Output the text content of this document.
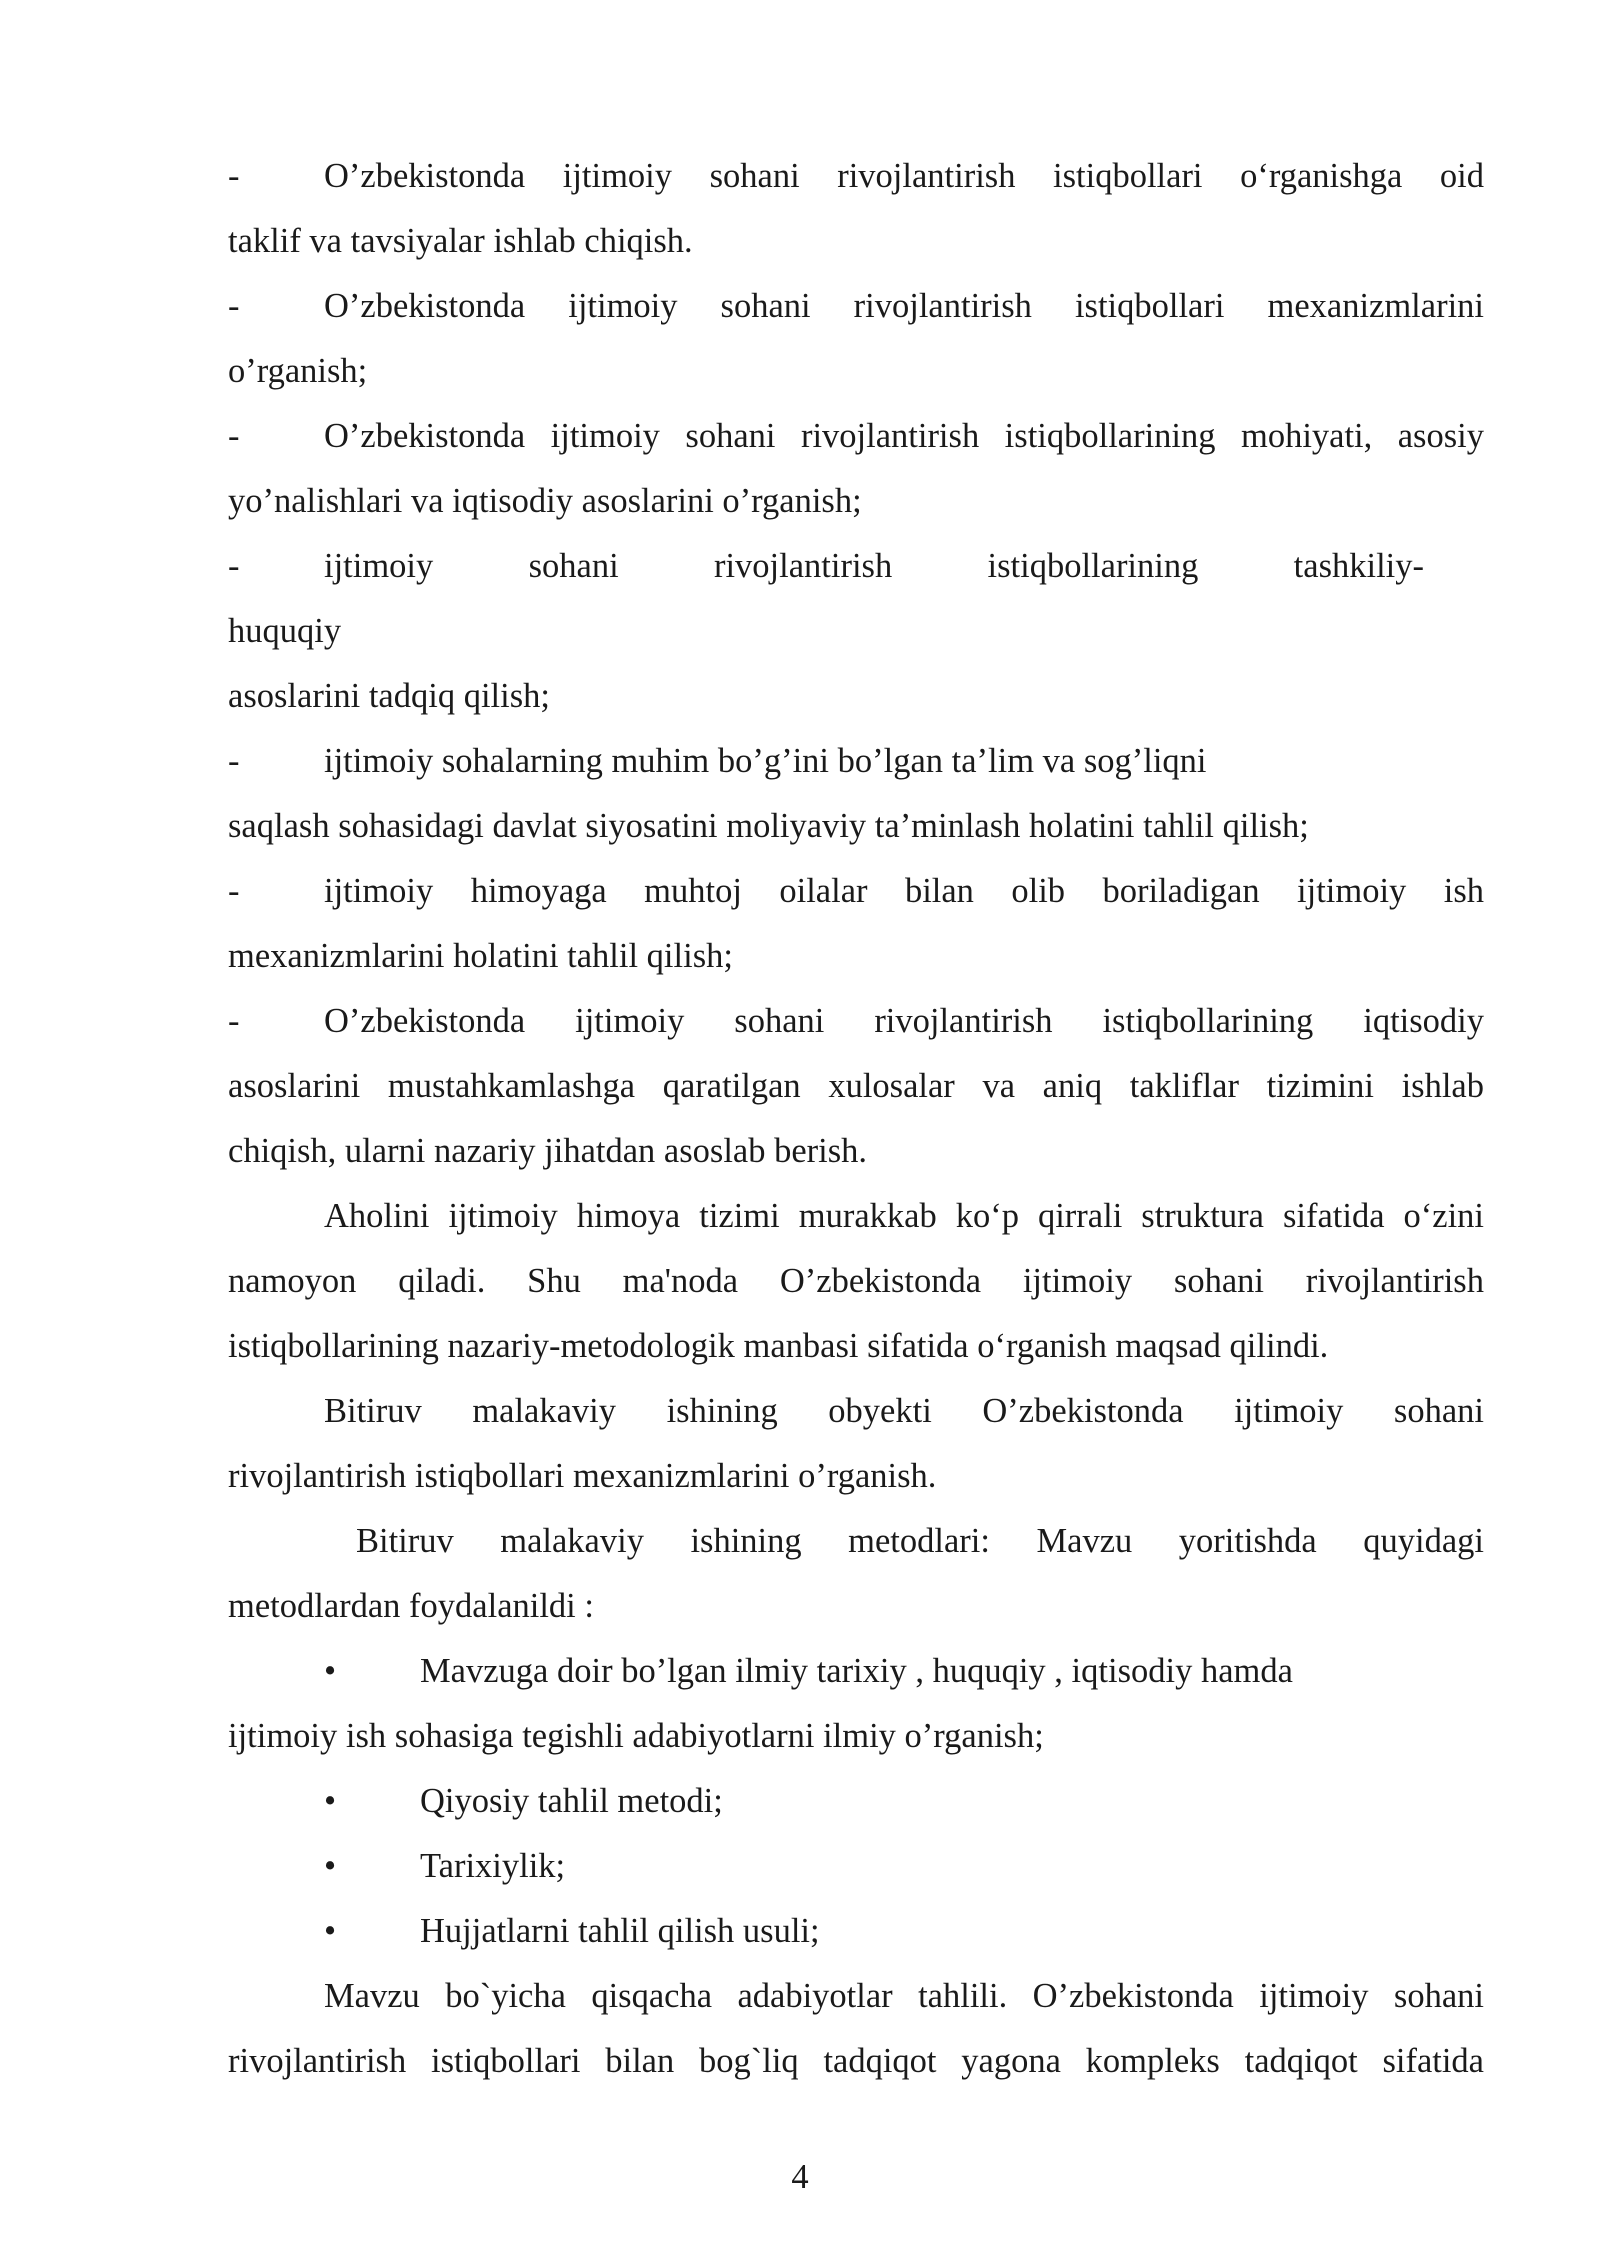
-	O’zbekistonda ijtimoiy sohani rivojlantirish istiqbollari o‘rganishga oid
taklif va tavsiyalar ishlab chiqish.
-	O’zbekistonda ijtimoiy sohani rivojlantirish istiqbollari mexanizmlarini
o’rganish;
-	O’zbekistonda ijtimoiy sohani rivojlantirish istiqbollarining mohiyati, asosiy
yo’nalishlari va iqtisodiy asoslarini o’rganish;
-	ijtimoiy sohani rivojlantirish istiqbollarining tashkiliy-
huquqiy
asoslarini tadqiq qilish;
-	ijtimoiy sohalarning muhim bo’g’ini bo’lgan ta’lim va sog’liqni
saqlash sohasidagi davlat siyosatini moliyaviy ta’minlash holatini tahlil qilish;
-	ijtimoiy himoyaga muhtoj oilalar bilan olib boriladigan ijtimoiy ish
mexanizmlarini holatini tahlil qilish;
-	O’zbekistonda ijtimoiy sohani rivojlantirish istiqbollarining iqtisodiy
asoslarini mustahkamlashga qaratilgan xulosalar va aniq takliflar tizimini ishlab
chiqish, ularni nazariy jihatdan asoslab berish.
Aholini ijtimoiy himoya tizimi murakkab ko‘p qirrali struktura sifatida o‘zini
namoyon qiladi. Shu ma'noda O’zbekistonda ijtimoiy sohani rivojlantirish
istiqbollarining nazariy-metodologik manbasi sifatida o‘rganish maqsad qilindi.
Bitiruv malakaviy ishining obyekti O’zbekistonda ijtimoiy sohani
rivojlantirish istiqbollari mexanizmlarini o’rganish.
Bitiruv malakaviy ishining metodlari: Mavzu yoritishda quyidagi
metodlardan foydalanildi :
• Mavzuga doir bo’lgan ilmiy tarixiy , huquqiy , iqtisodiy hamda
ijtimoiy ish sohasiga tegishli adabiyotlarni ilmiy o’rganish;
• Qiyosiy tahlil metodi;
• Tarixiylik;
• Hujjatlarni tahlil qilish usuli;
Mavzu bo`yicha qisqacha adabiyotlar tahlili. O’zbekistonda ijtimoiy sohani
rivojlantirish istiqbollari bilan bog`liq tadqiqot yagona kompleks tadqiqot sifatida
4
